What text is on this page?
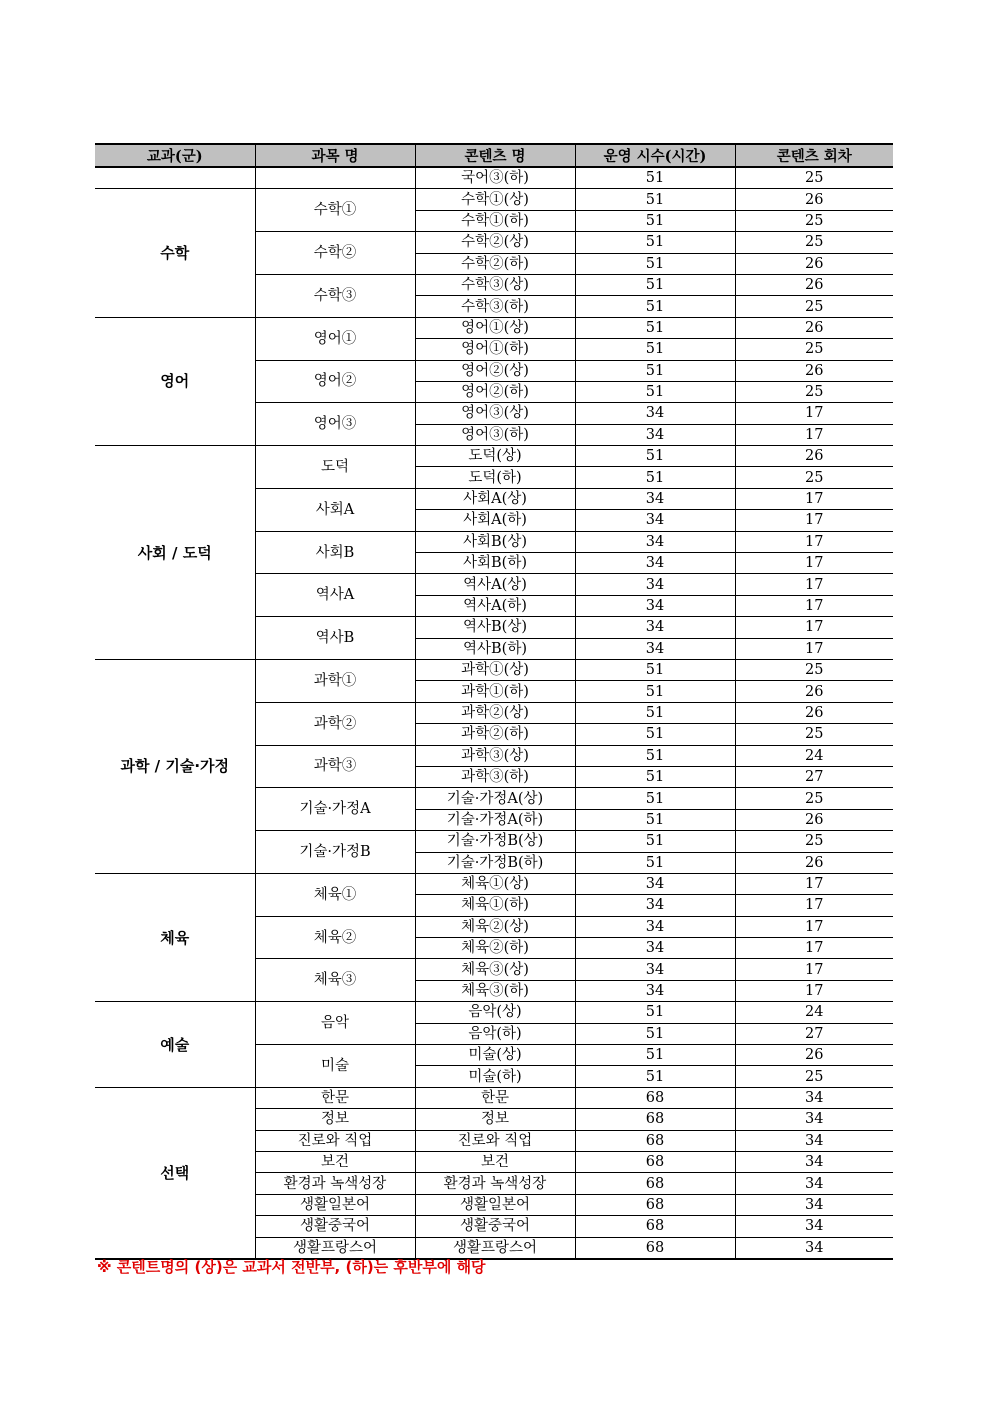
교과(군)	과목 명	콘텐츠 명	운영 시수(시간)	콘텐츠 회차
		국어③(하)	51	25
수학	수학①	수학①(상)	51	26
		수학①(하)	51	25
	수학②	수학②(상)	51	25
		수학②(하)	51	26
	수학③	수학③(상)	51	26
		수학③(하)	51	25
영어	영어①	영어①(상)	51	26
		영어①(하)	51	25
	영어②	영어②(상)	51	26
		영어②(하)	51	25
	영어③	영어③(상)	34	17
		영어③(하)	34	17
사회 / 도덕	도덕	도덕(상)	51	26
		도덕(하)	51	25
	사회A	사회A(상)	34	17
		사회A(하)	34	17
	사회B	사회B(상)	34	17
		사회B(하)	34	17
	역사A	역사A(상)	34	17
		역사A(하)	34	17
	역사B	역사B(상)	34	17
		역사B(하)	34	17
과학 / 기술·가정	과학①	과학①(상)	51	25
		과학①(하)	51	26
	과학②	과학②(상)	51	26
		과학②(하)	51	25
	과학③	과학③(상)	51	24
		과학③(하)	51	27
	기술·가정A	기술·가정A(상)	51	25
		기술·가정A(하)	51	26
	기술·가정B	기술·가정B(상)	51	25
		기술·가정B(하)	51	26
체육	체육①	체육①(상)	34	17
		체육①(하)	34	17
	체육②	체육②(상)	34	17
		체육②(하)	34	17
	체육③	체육③(상)	34	17
		체육③(하)	34	17
예술	음악	음악(상)	51	24
		음악(하)	51	27
	미술	미술(상)	51	26
		미술(하)	51	25
선택	한문	한문	68	34
	정보	정보	68	34
	진로와 직업	진로와 직업	68	34
	보건	보건	68	34
	환경과 녹색성장	환경과 녹색성장	68	34
	생활일본어	생활일본어	68	34
	생활중국어	생활중국어	68	34
	생활프랑스어	생활프랑스어	68	34
※ 콘텐트명의 (상)은 교과서 전반부, (하)는 후반부에 해당
